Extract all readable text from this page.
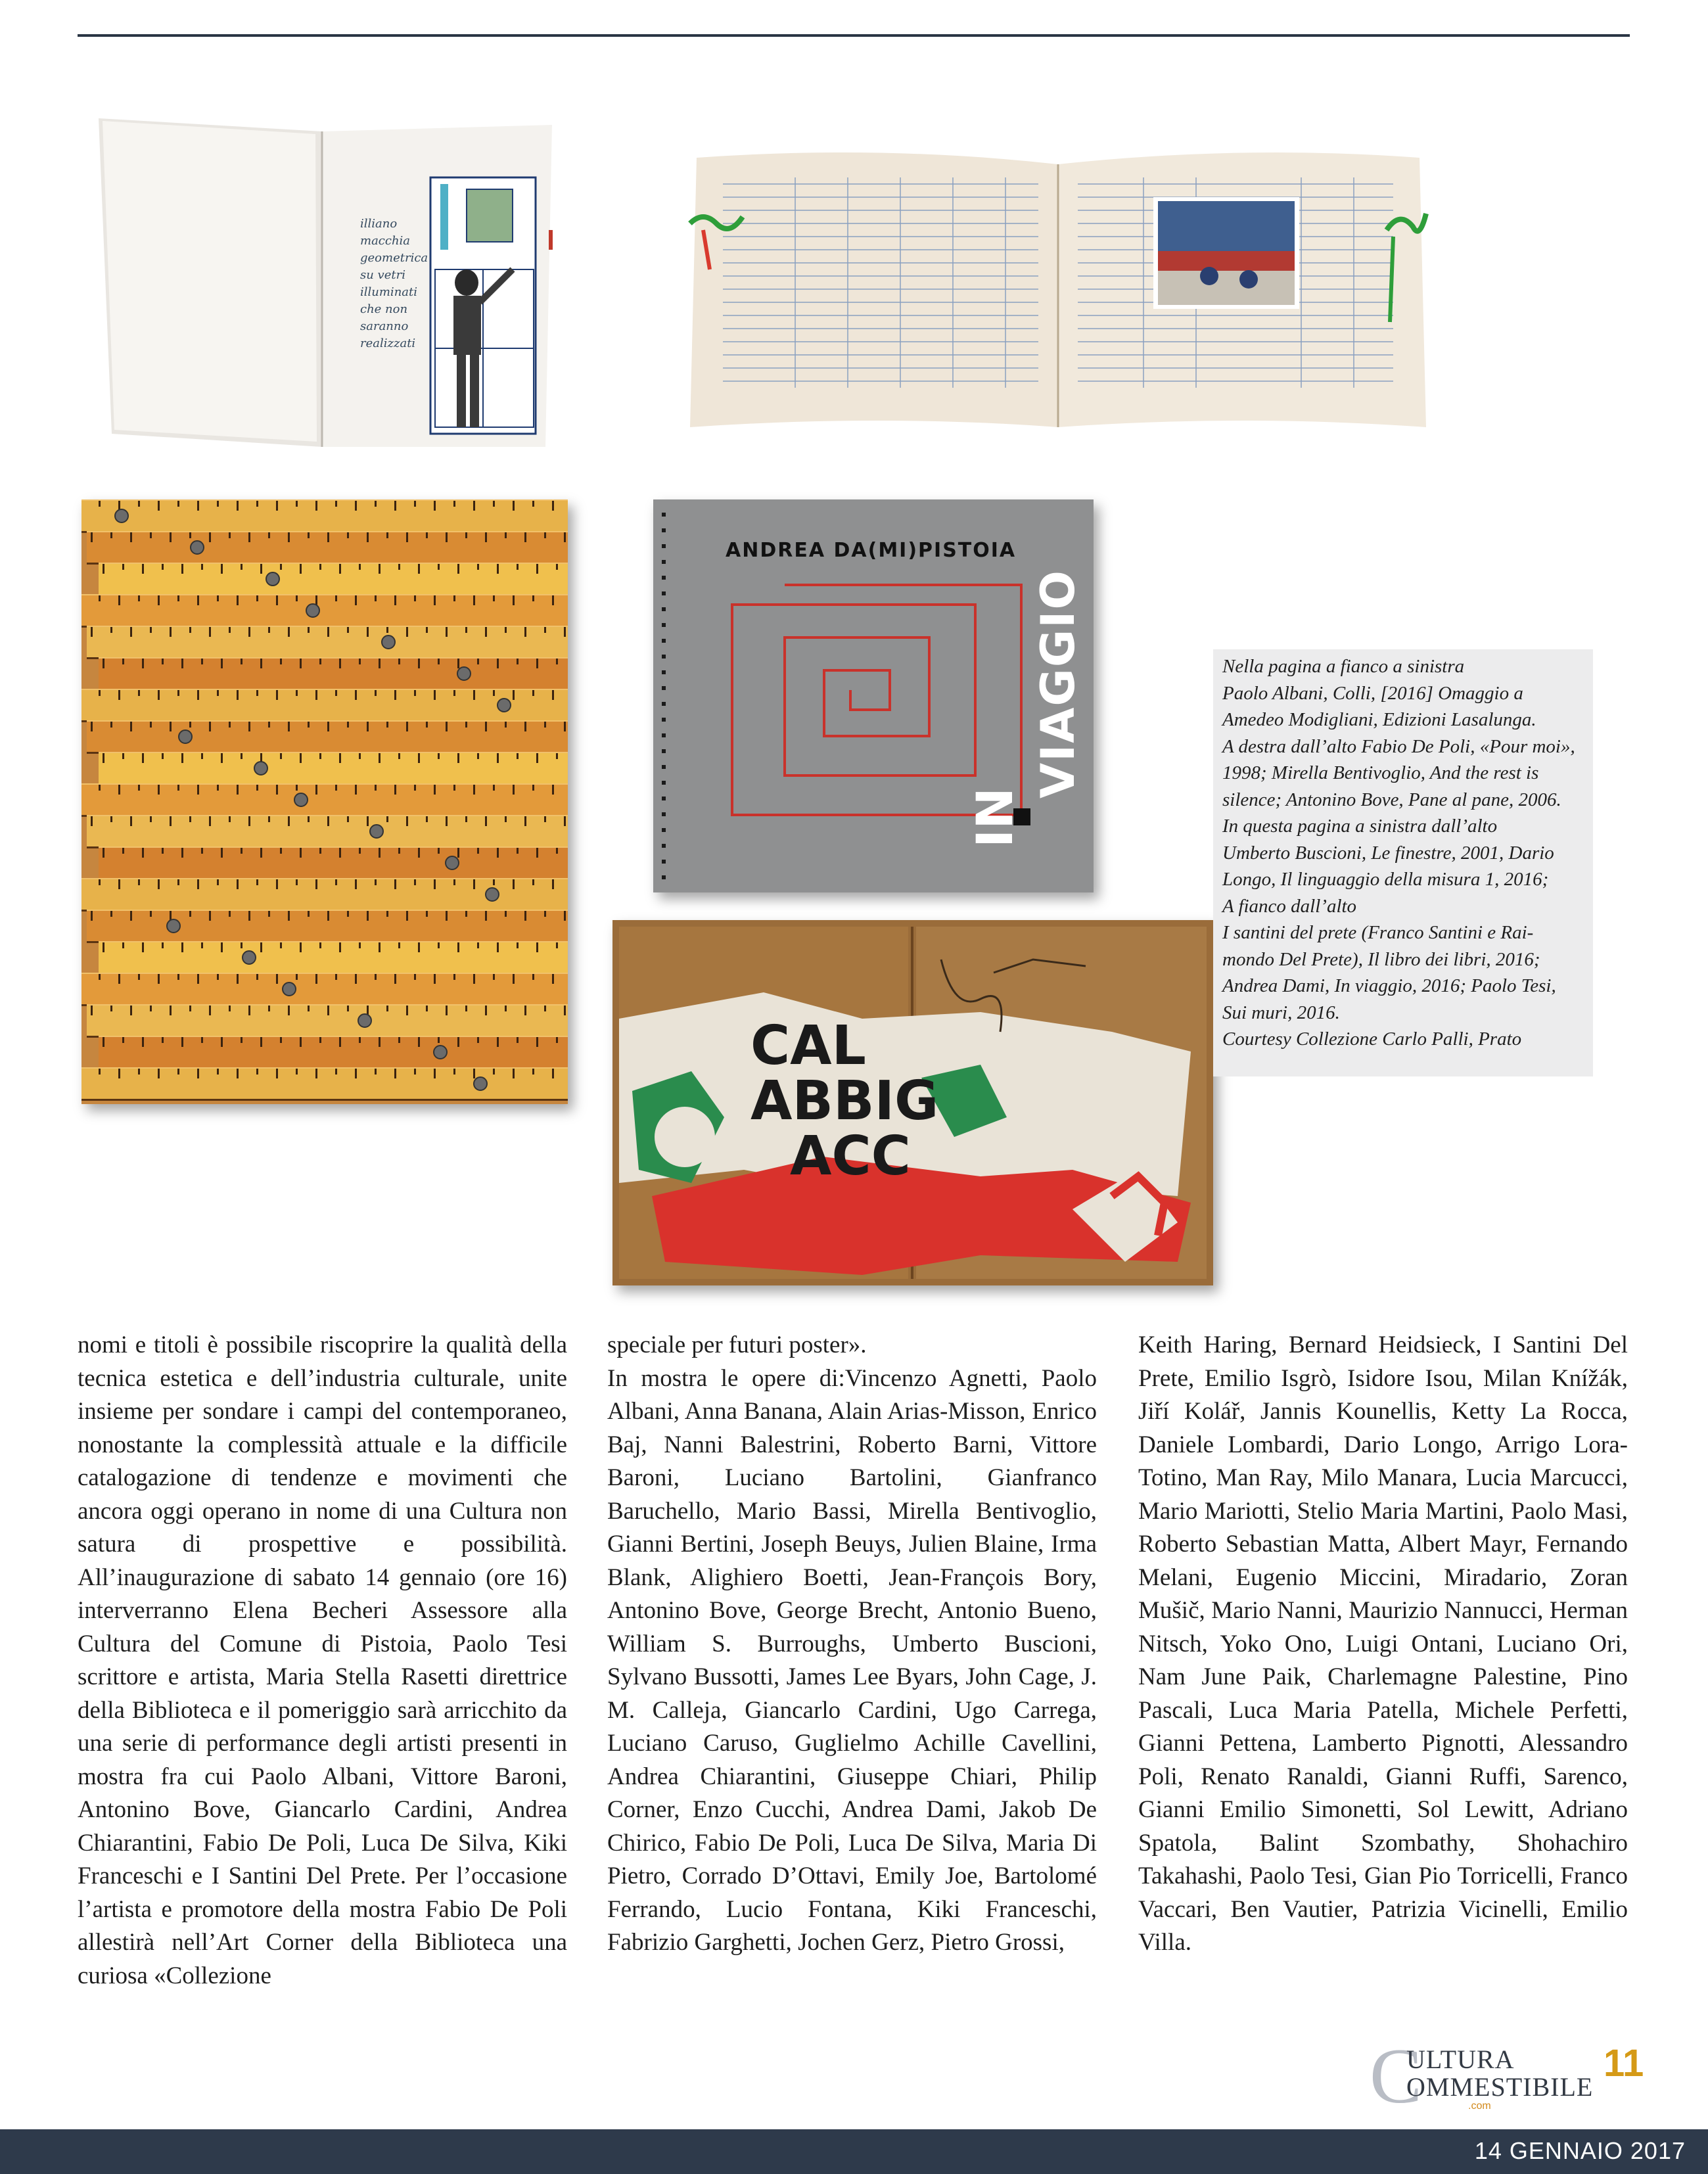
illiano
macchia
geometrica
su vetri
illuminati
che non
saranno
realizzati
ANDREA DA(MI)PISTOIA
IN
VIAGGIO
CAL
ABBIG
ACC

Nella pagina a fianco a sinistra

Paolo Albani, Colli, [2016] Omaggio a

Amedeo Modigliani, Edizioni Lasalunga.

A destra dall’alto Fabio De Poli, «Pour moi»,

1998; Mirella Bentivoglio, And the rest is

silence; Antonino Bove, Pane al pane, 2006.

In questa pagina a sinistra dall’alto

Umberto Buscioni, Le finestre, 2001, Dario

Longo, Il linguaggio della misura 1, 2016;

A fianco dall’alto

I santini del prete (Franco Santini e Rai-

mondo Del Prete), Il libro dei libri, 2016;

Andrea Dami, In viaggio, 2016; Paolo Tesi,

Sui muri, 2016.

Courtesy Collezione Carlo Palli, Prato

nomi e titoli è possibile riscoprire la qualità della tecnica estetica e dell’industria culturale, unite insieme per sondare i campi del contemporaneo, nonostante la complessità attuale e la difficile catalogazione di tendenze e movimenti che ancora oggi operano in nome di una Cultura non satura di prospettive e possibilità. All’inaugurazione di sabato 14 gennaio (ore 16) interverranno Elena Becheri Assessore alla Cultura del Comune di Pistoia, Paolo Tesi scrittore e artista, Maria Stella Rasetti direttrice della Biblioteca e il pomeriggio sarà arricchito da una serie di performance degli artisti presenti in mostra fra cui Paolo Albani, Vittore Baroni, Antonino Bove, Giancarlo Cardini, Andrea Chiarantini, Fabio De Poli, Luca De Silva, Kiki Franceschi e I Santini Del Prete. Per l’occasione l’artista e promotore della mostra Fabio De Poli allestirà nell’Art Corner della Biblioteca una curiosa «Collezione

speciale per futuri poster».

In mostra le opere di:Vincenzo Agnetti, Paolo Albani, Anna Banana, Alain Arias-Misson, Enrico Baj, Nanni Balestrini, Roberto Barni, Vittore Baroni, Luciano Bartolini, Gianfranco Baruchello, Mario Bassi, Mirella Bentivoglio, Gianni Bertini, Joseph Beuys, Julien Blaine, Irma Blank, Alighiero Boetti, Jean-François Bory, Antonino Bove, George Brecht, Antonio Bueno, William S. Burroughs, Umberto Buscioni, Sylvano Bussotti, James Lee Byars, John Cage, J. M. Calleja, Giancarlo Cardini, Ugo Carrega, Luciano Caruso, Guglielmo Achille Cavellini, Andrea Chiarantini, Giuseppe Chiari, Philip Corner, Enzo Cucchi, Andrea Dami, Jakob De Chirico, Fabio De Poli, Luca De Silva, Maria Di Pietro, Corrado D’Ottavi, Emily Joe, Bartolomé Ferrando, Lucio Fontana, Kiki Franceschi, Fabrizio Garghetti, Jochen Gerz, Pietro Grossi,

Keith Haring, Bernard Heidsieck, I Santini Del Prete, Emilio Isgrò, Isidore Isou, Milan Knížák, Jiří Kolář, Jannis Kounellis, Ketty La Rocca, Daniele Lombardi, Dario Longo, Arrigo Lora-Totino, Man Ray, Milo Manara, Lucia Marcucci, Mario Mariotti, Stelio Maria Martini, Paolo Masi, Roberto Sebastian Matta, Albert Mayr, Fernando Melani, Eugenio Miccini, Miradario, Zoran Mušič, Mario Nanni, Maurizio Nannucci, Herman Nitsch, Yoko Ono, Luigi Ontani, Luciano Ori, Nam June Paik, Charlemagne Palestine, Pino Pascali, Luca Maria Patella, Michele Perfetti, Gianni Pettena, Lamberto Pignotti, Alessandro Poli, Renato Ranaldi, Gianni Ruffi, Sarenco, Gianni Emilio Simonetti, Sol Lewitt, Adriano Spatola, Balint Szombathy, Shohachiro Takahashi, Paolo Tesi, Gian Pio Torricelli, Franco Vaccari, Ben Vautier, Patrizia Vicinelli, Emilio Villa.

C
ULTURA
OMMESTIBILE
.com
11
14 GENNAIO 2017
